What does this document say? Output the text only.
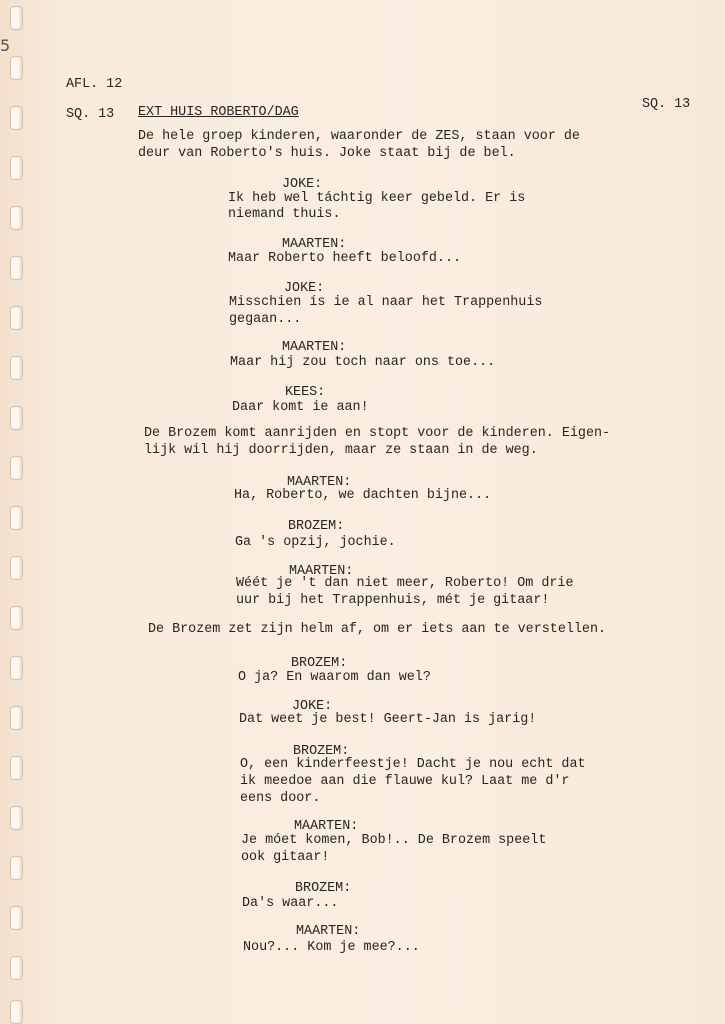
5
AFL. 12
SQ. 13 EXT HUIS ROBERTO/DAG
SQ. 13
De hele groep kinderen, waaronder de ZES, staan voor de
deur van Roberto's huis. Joke staat bij de bel.
JOKE:
Ik heb wel táchtig keer gebeld. Er is
niemand thuis.
MAARTEN:
Maar Roberto heeft beloofd...
JOKE:
Misschien ís ie al naar het Trappenhuis
gegaan...
MAARTEN:
Maar hij zou toch naar ons toe...
KEES:
Daar komt ie aan!
De Brozem komt aanrijden en stopt voor de kinderen. Eigen-
lijk wil hij doorrijden, maar ze staan in de weg.
MAARTEN:
Ha, Roberto, we dachten bijne...
BROZEM:
Ga 's opzij, jochie.
MAARTEN:
Wéét je 't dan niet meer, Roberto! Om drie
uur bij het Trappenhuis, mét je gitaar!
De Brozem zet zijn helm af, om er iets aan te verstellen.
BROZEM:
O ja? En waarom dan wel?
JOKE:
Dat weet je best! Geert-Jan is jarig!
BROZEM:
O, een kinderfeestje! Dacht je nou echt dat
ik meedoe aan die flauwe kul? Laat me d'r
eens door.
MAARTEN:
Je móet komen, Bob!.. De Brozem speelt
ook gitaar!
BROZEM:
Da's waar...
MAARTEN:
Nou?... Kom je mee?...
